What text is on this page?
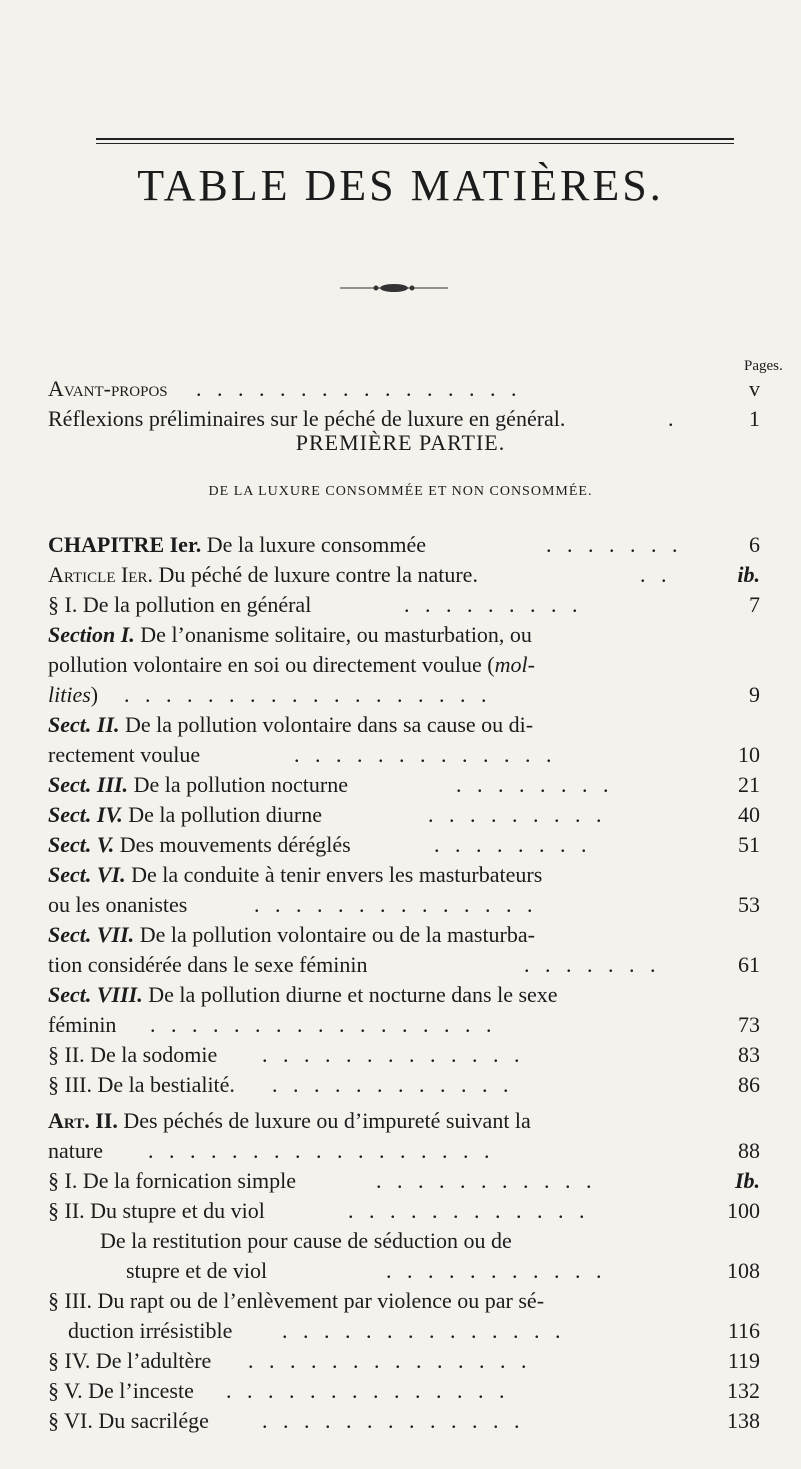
TABLE DES MATIÈRES.
Pages.
Avant-propos . . . . . . . . . . . . . . . .	v
Réflexions préliminaires sur le péché de luxure en général.	.	1
PREMIÈRE PARTIE.
DE LA LUXURE CONSOMMÉE ET NON CONSOMMÉE.
CHAPITRE Ier. De la luxure consommée	. . . . . . .	6
Article Ier. Du péché de luxure contre la nature.	. .	ib.
§ I. De la pollution en général	. . . . . . . . .	7
Section I. De l’onanisme solitaire, ou masturbation, ou
pollution volontaire en soi ou directement voulue (mol-
lities) . . . . . . . . . . . . . . . . . .	9
Sect. II. De la pollution volontaire dans sa cause ou di-
rectement voulue	. . . . . . . . . . . . .	10
Sect. III. De la pollution nocturne	. . . . . . . .	21
Sect. IV. De la pollution diurne	. . . . . . . . .	40
Sect. V. Des mouvements déréglés	. . . . . . . .	51
Sect. VI. De la conduite à tenir envers les masturbateurs
ou les onanistes	. . . . . . . . . . . . . .	53
Sect. VII. De la pollution volontaire ou de la masturba-
tion considérée dans le sexe féminin	. . . . . . .	61
Sect. VIII. De la pollution diurne et nocturne dans le sexe
féminin . . . . . . . . . . . . . . . . .	73
§ II. De la sodomie . . . . . . . . . . . . .	83
§ III. De la bestialité. . . . . . . . . . . . .	86
Art. II. Des péchés de luxure ou d’impureté suivant la
nature . . . . . . . . . . . . . . . . .	88
§ I. De la fornication simple	. . . . . . . . . . .	Ib.
§ II. Du stupre et du viol	. . . . . . . . . . . .	100
De la restitution pour cause de séduction ou de
stupre et de viol	. . . . . . . . . . .	108
§ III. Du rapt ou de l’enlèvement par violence ou par sé-
duction irrésistible . . . . . . . . . . . . . .	116
§ IV. De l’adultère . . . . . . . . . . . . . .	119
§ V. De l’inceste . . . . . . . . . . . . . .	132
§ VI. Du sacrilége . . . . . . . . . . . . .	138
